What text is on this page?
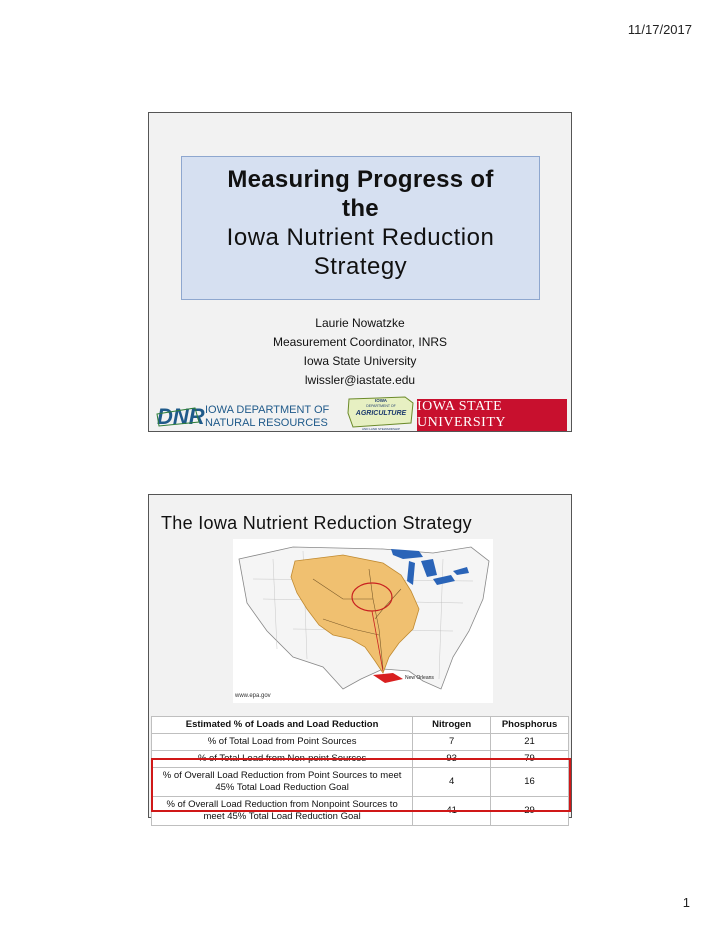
11/17/2017
Measuring Progress of
the
Iowa Nutrient Reduction
Strategy
Laurie Nowatzke
Measurement Coordinator, INRS
Iowa State University
lwissler@iastate.edu
DNR IOWA DEPARTMENT OF
NATURAL RESOURCES
IOWA
DEPARTMENT OF
AGRICULTURE
AND LAND STEWARDSHIP
IOWA STATE UNIVERSITY
The Iowa Nutrient Reduction Strategy
New Orleans
www.epa.gov
Estimated % of Loads and Load Reduction	Nitrogen	Phosphorus
% of Total Load from Point Sources	7	21
% of Total Load from Non-point Sources	93	79
% of Overall Load Reduction from Point Sources to meet 45% Total Load Reduction Goal	4	16
% of Overall Load Reduction from Nonpoint Sources to meet 45% Total Load Reduction Goal	41	29
1
